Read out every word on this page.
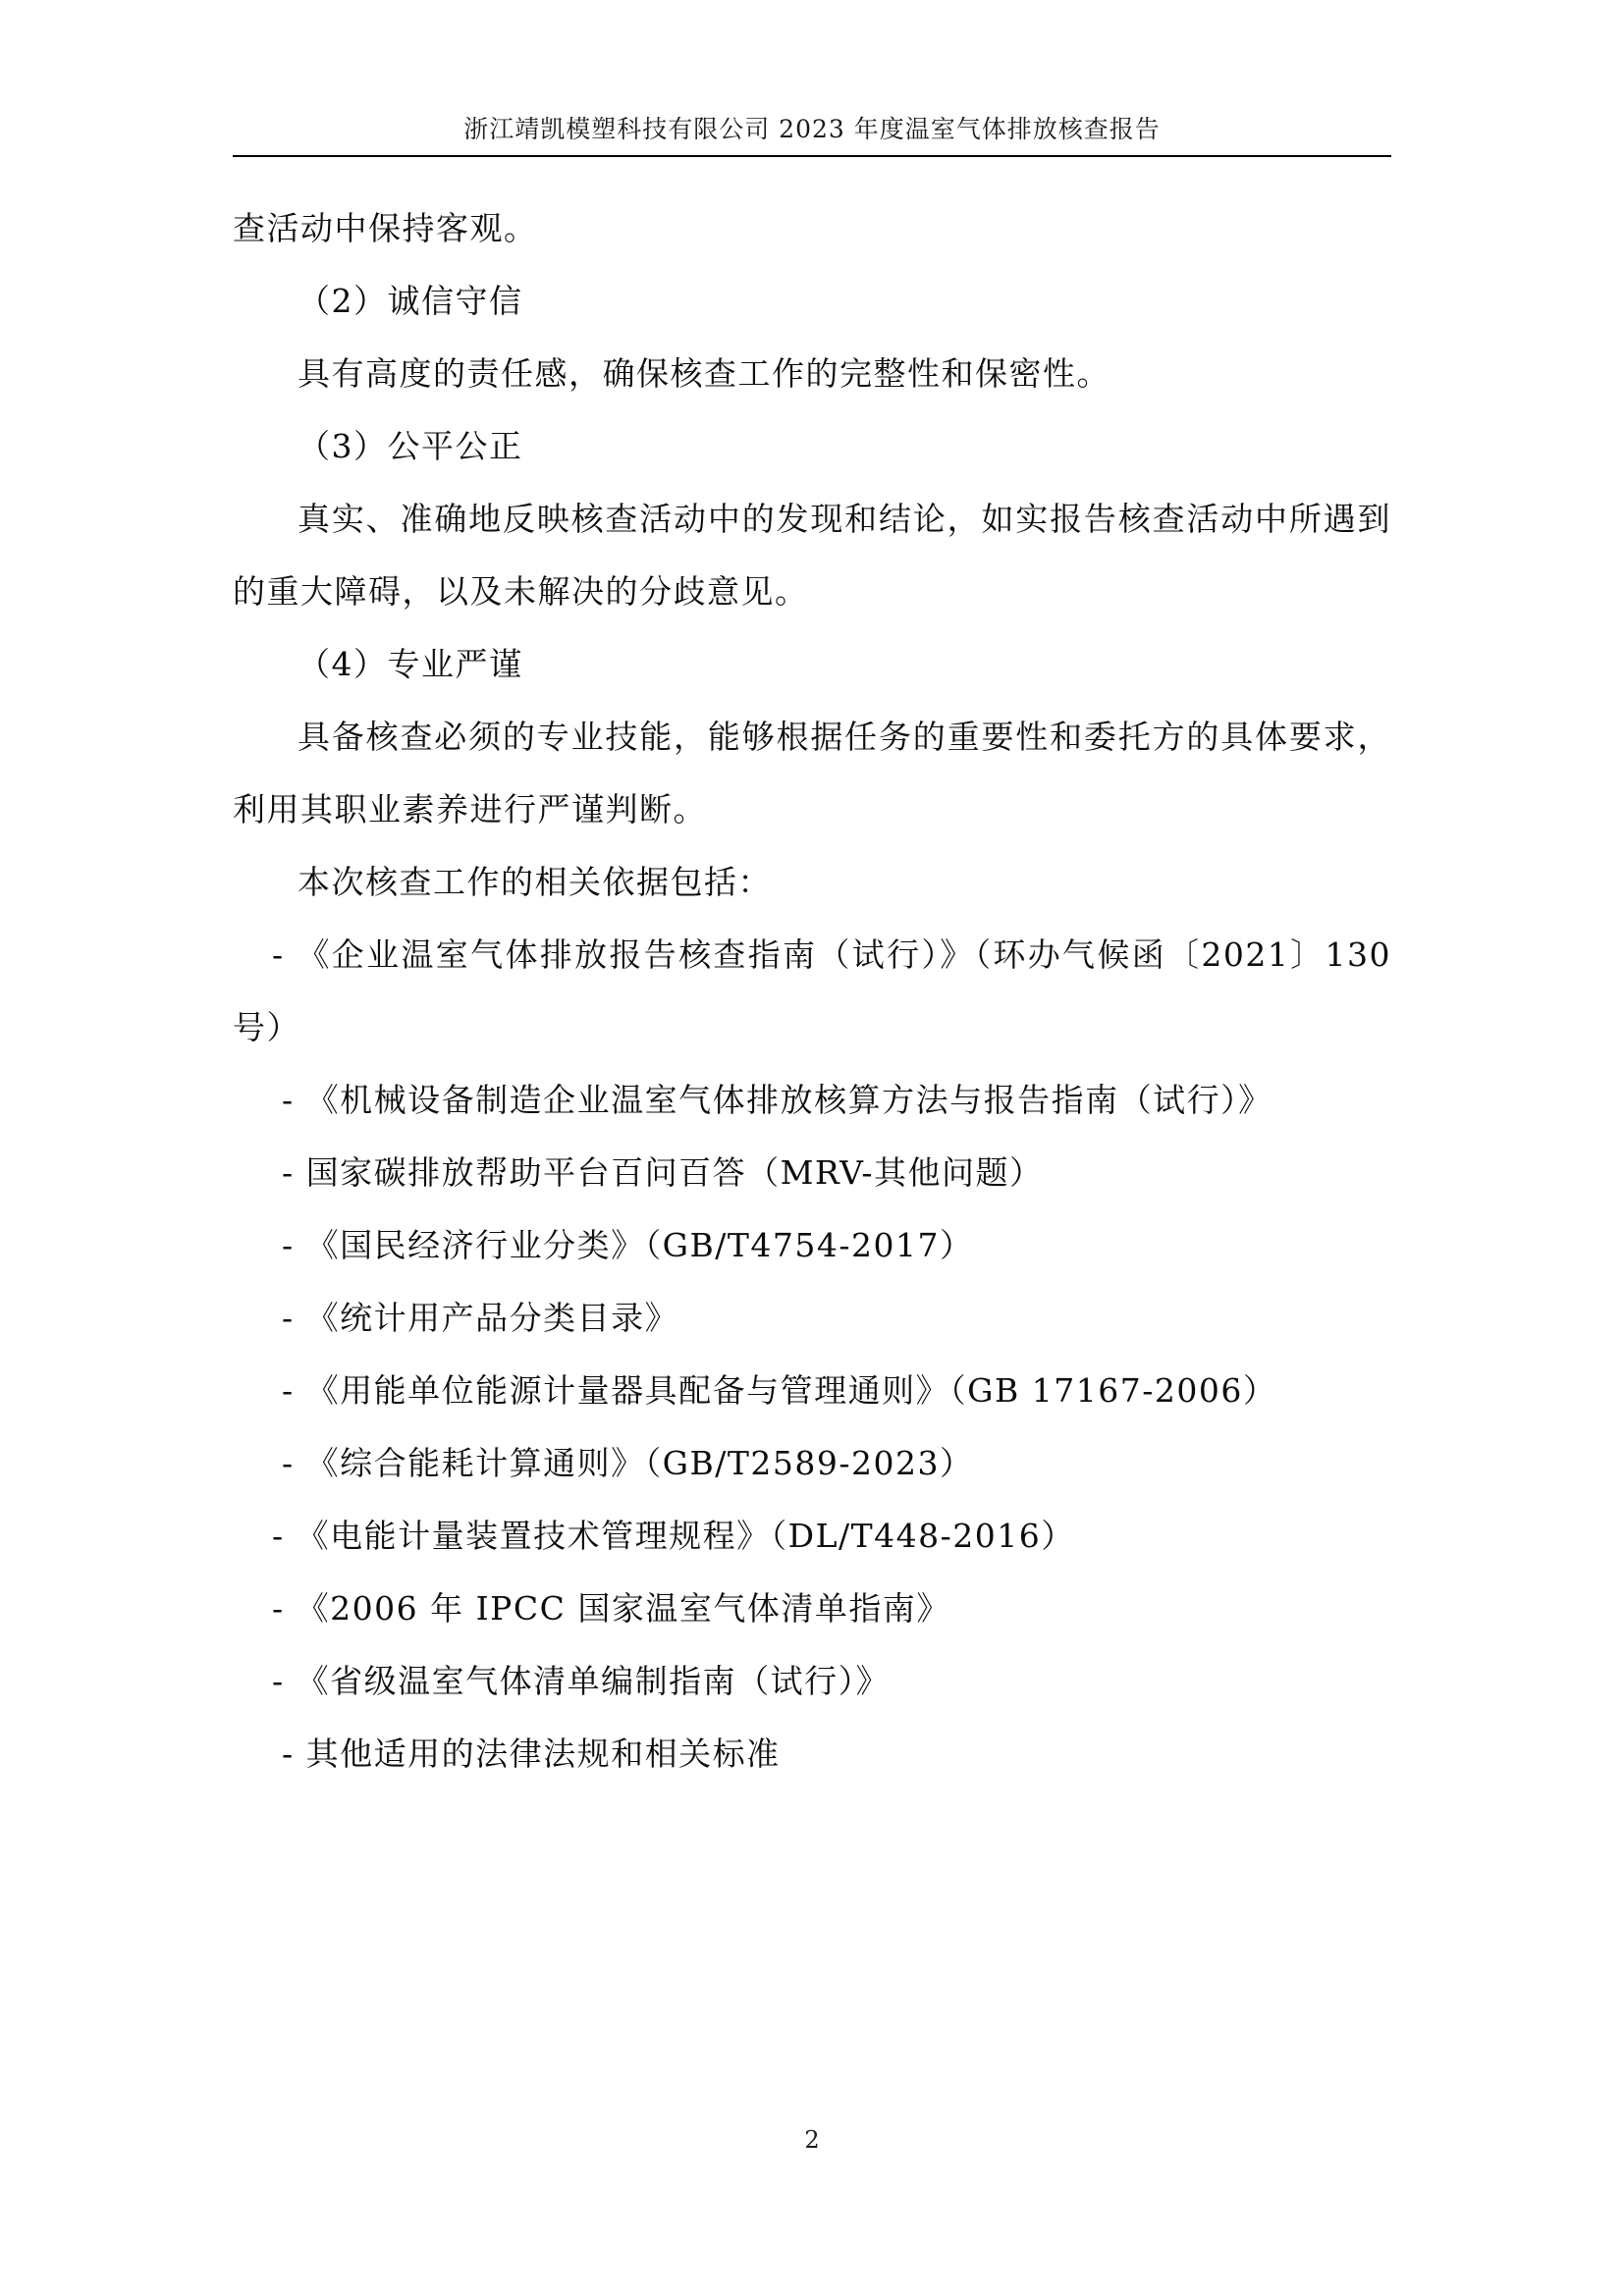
浙江靖凯模塑科技有限公司 2023 年度温室气体排放核查报告

查活动中保持客观。

（2）诚信守信

具有高度的责任感，确保核查工作的完整性和保密性。

（3）公平公正

真实、准确地反映核查活动中的发现和结论，如实报告核查活动中所遇到的重大障碍，以及未解决的分歧意见。

（4）专业严谨

具备核查必须的专业技能，能够根据任务的重要性和委托方的具体要求，利用其职业素养进行严谨判断。

本次核查工作的相关依据包括：

- 《企业温室气体排放报告核查指南（试行）》（环办气候函〔2021〕130 号）

- 《机械设备制造企业温室气体排放核算方法与报告指南（试行）》

- 国家碳排放帮助平台百问百答（MRV-其他问题）

- 《国民经济行业分类》（GB/T4754-2017）

- 《统计用产品分类目录》

- 《用能单位能源计量器具配备与管理通则》（GB 17167-2006）

- 《综合能耗计算通则》（GB/T2589-2023）

- 《电能计量装置技术管理规程》（DL/T448-2016）

- 《2006 年 IPCC 国家温室气体清单指南》

- 《省级温室气体清单编制指南（试行）》

- 其他适用的法律法规和相关标准

2
